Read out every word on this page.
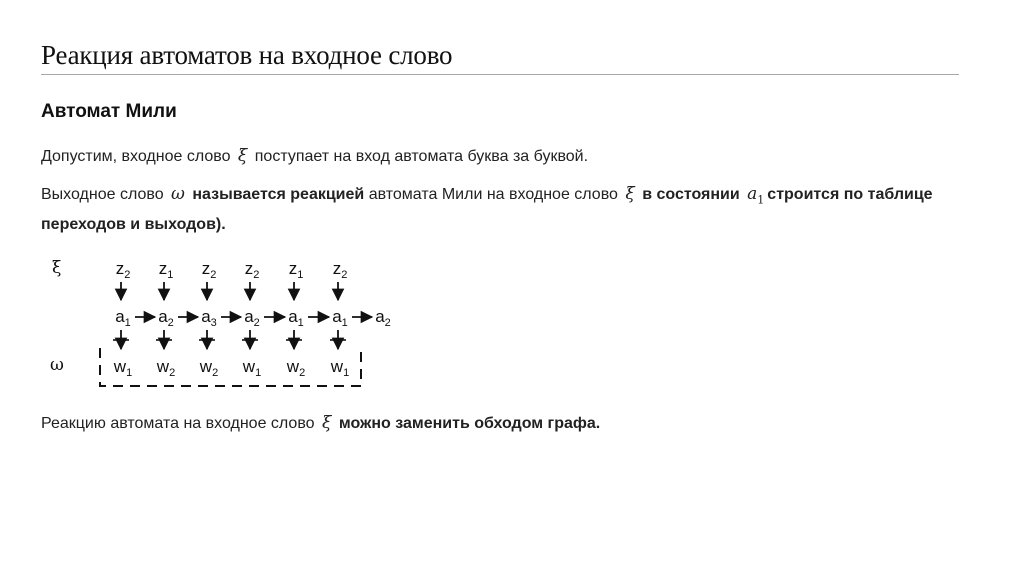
Реакция автоматов на входное слово
Автомат Мили
Допустим, входное слово ξ поступает на вход автомата буква за буквой.
Выходное слово ω называется реакцией автомата Мили на входное слово ξ в состоянии $a_1$ строится по таблице
переходов и выходов).
ξ
ω
$z_2$ $z_1$ $z_2$ $z_2$ $z_1$ $z_2$
$a_1$ $a_2$ $a_3$ $a_2$ $a_1$ $a_1$ $a_2$
$w_1$ $w_2$ $w_2$ $w_1$ $w_2$ $w_1$
Реакцию автомата на входное слово ξ можно заменить обходом графа.
